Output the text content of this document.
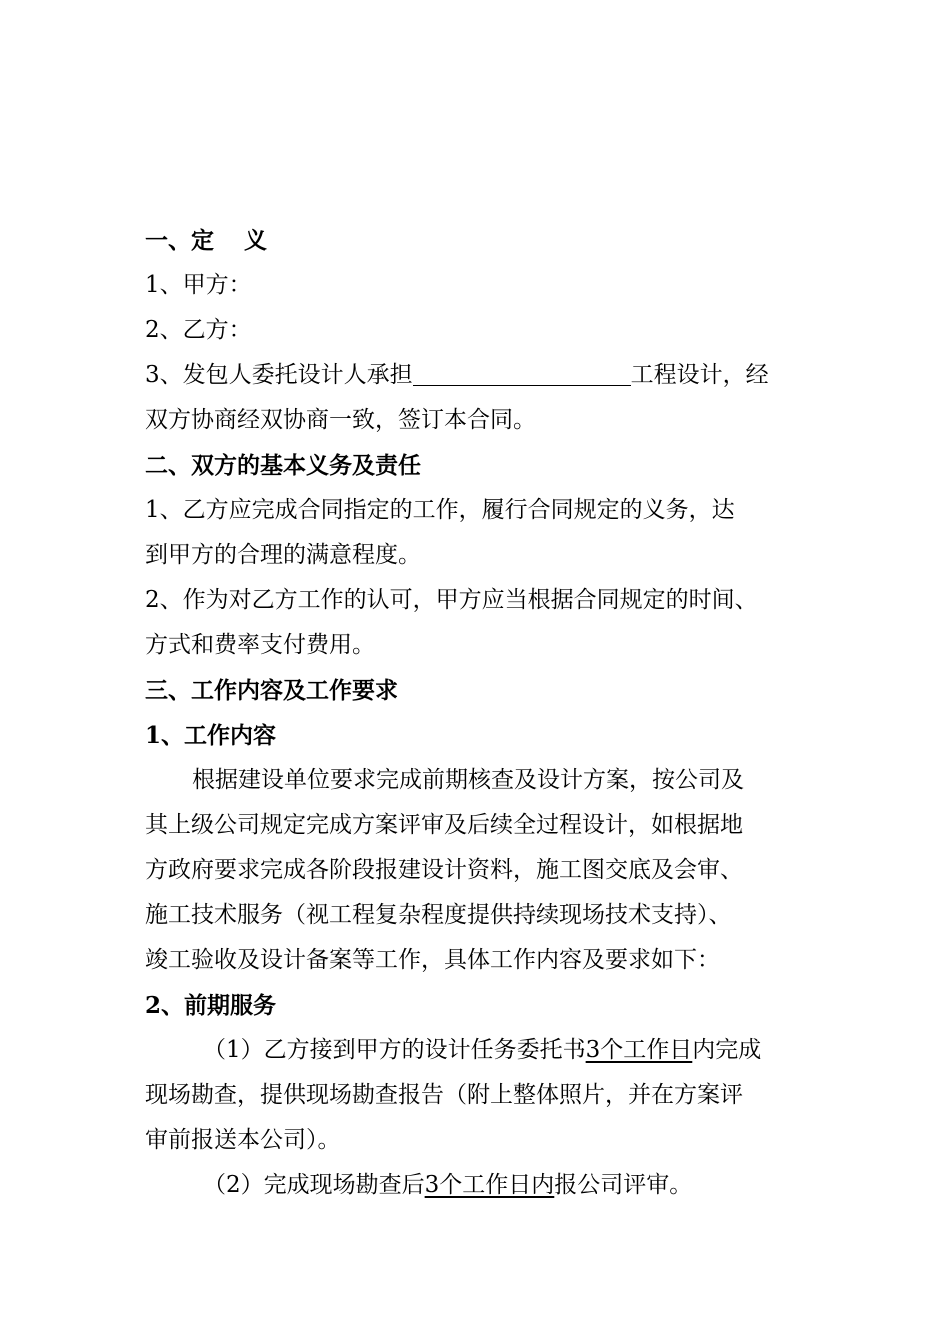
一、定 义
1、甲方：
2、乙方：
3、发包人委托设计人承担	工程设计，经
双方协商经双协商一致，签订本合同。
二、双方的基本义务及责任
1、乙方应完成合同指定的工作，履行合同规定的义务，达
到甲方的合理的满意程度。
2、作为对乙方工作的认可，甲方应当根据合同规定的时间、
方式和费率支付费用。
三、工作内容及工作要求
1、工作内容
根据建设单位要求完成前期核查及设计方案，按公司及
其上级公司规定完成方案评审及后续全过程设计，如根据地
方政府要求完成各阶段报建设计资料，施工图交底及会审、
施工技术服务（视工程复杂程度提供持续现场技术支持）、
竣工验收及设计备案等工作，具体工作内容及要求如下：
2、前期服务
（1）乙方接到甲方的设计任务委托书3个工作日内完成
现场勘查，提供现场勘查报告（附上整体照片，并在方案评
审前报送本公司）。
（2）完成现场勘查后3个工作日内报公司评审。
